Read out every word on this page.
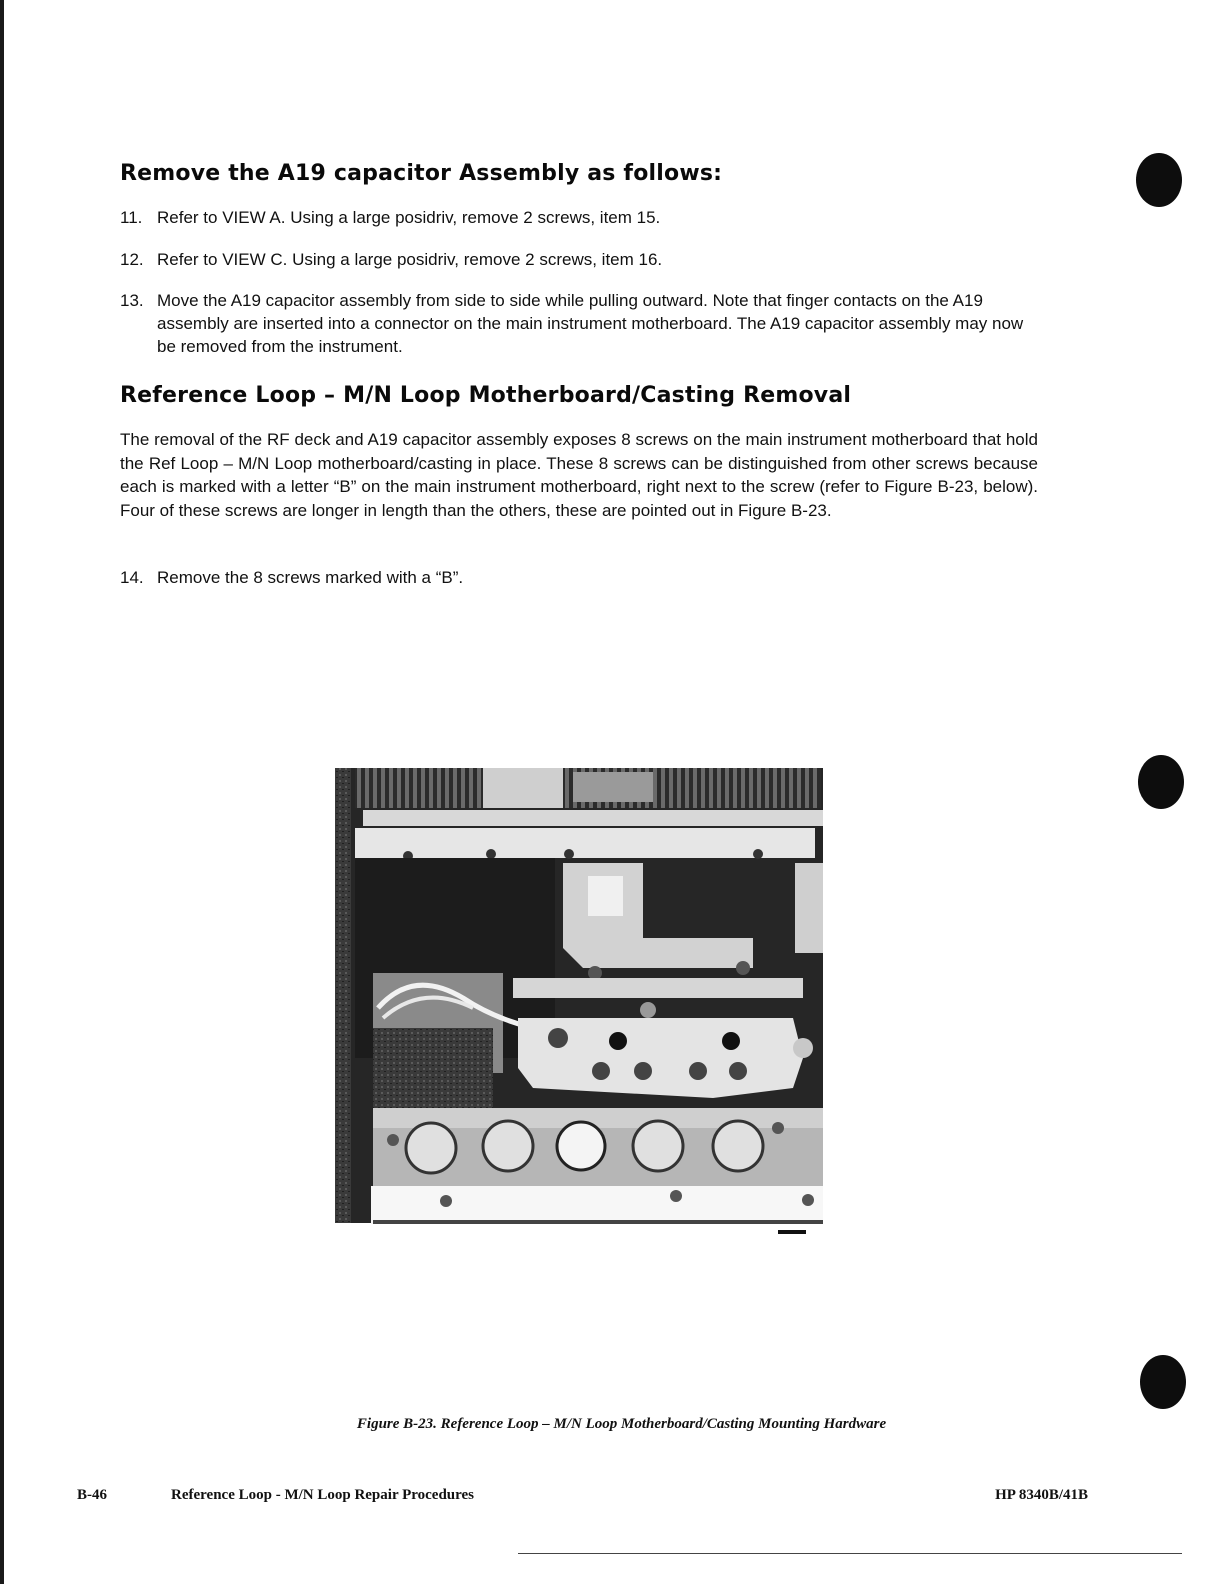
Remove the A19 capacitor Assembly as follows:
11. Refer to VIEW A. Using a large posidriv, remove 2 screws, item 15.
12. Refer to VIEW C. Using a large posidriv, remove 2 screws, item 16.
13. Move the A19 capacitor assembly from side to side while pulling outward. Note that finger contacts on the A19 assembly are inserted into a connector on the main instrument motherboard. The A19 capacitor assembly may now be removed from the instrument.
Reference Loop – M/N Loop Motherboard/Casting Removal

The removal of the RF deck and A19 capacitor assembly exposes 8 screws on the main instrument motherboard that hold the Ref Loop – M/N Loop motherboard/casting in place. These 8 screws can be distinguished from other screws because each is marked with a letter “B” on the main instrument motherboard, right next to the screw (refer to Figure B-23, below). Four of these screws are longer in length than the others, these are pointed out in Figure B-23.

14. Remove the 8 screws marked with a “B”.

Figure B-23. Reference Loop – M/N Loop Motherboard/Casting Mounting Hardware

B-46	Reference Loop - M/N Loop Repair Procedures	HP 8340B/41B
